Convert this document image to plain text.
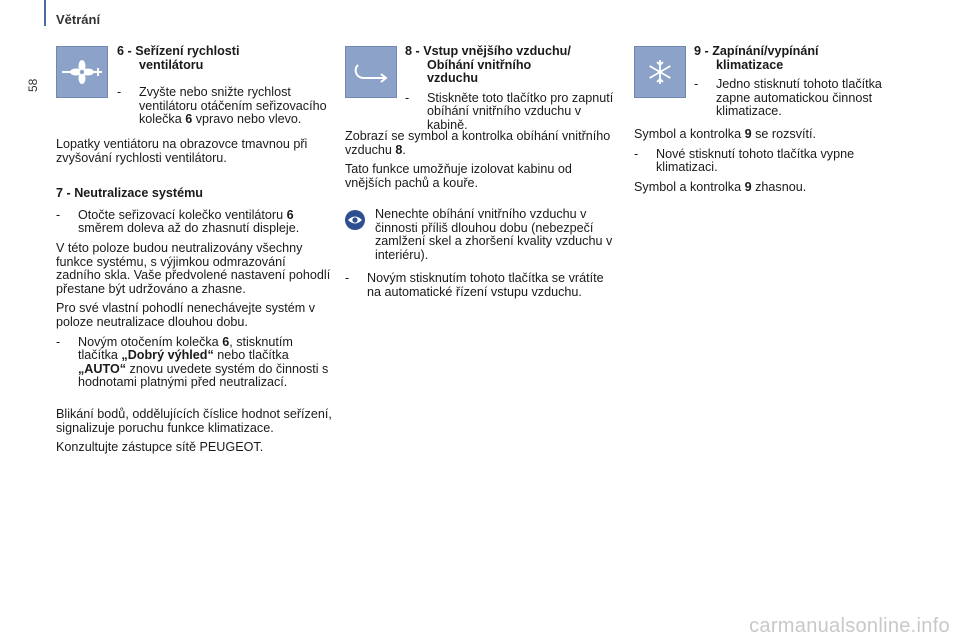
58
Větrání
6 - Seřízení rychlosti
ventilátoru
-	Zvyšte nebo snižte rychlost ventilátoru otáčením seřizovacího kolečka 6 vpravo nebo vlevo.

Lopatky ventiátoru na obrazovce tmavnou při zvyšování rychlosti ventilátoru.

7 - Neutralizace systému

-	Otočte seřizovací kolečko ventilátoru 6 směrem doleva až do zhasnutí displeje.

V této poloze budou neutralizovány všechny funkce systému, s výjimkou odmrazování zadního skla. Vaše předvolené nastavení pohodlí přestane být udržováno a zhasne.

Pro své vlastní pohodlí nenechávejte systém v poloze neutralizace dlouhou dobu.

-	Novým otočením kolečka 6, stisknutím tlačítka „Dobrý výhled“ nebo tlačítka „AUTO“ znovu uvedete systém do činnosti s hodnotami platnými před neutralizací.

Blikání bodů, oddělujících číslice hodnot seřízení, signalizuje poruchu funkce klimatizace.

Konzultujte zástupce sítě PEUGEOT.

8 - Vstup vnějšího vzduchu/
Obíhání vnitřního
vzduchu
-	Stiskněte toto tlačítko pro zapnutí obíhání vnitřního vzduchu v kabině.

Zobrazí se symbol a kontrolka obíhání vnitřního vzduchu 8.

Tato funkce umožňuje izolovat kabinu od vnějších pachů a kouře.

Nenechte obíhání vnitřního vzduchu v činnosti příliš dlouhou dobu (nebezpečí zamlžení skel a zhoršení kvality vzduchu v interiéru).

-	Novým stisknutím tohoto tlačítka se vrátíte na automatické řízení vstupu vzduchu.
9 - Zapínání/vypínání
klimatizace
-	Jedno stisknutí tohoto tlačítka zapne automatickou činnost klimatizace.

Symbol a kontrolka 9 se rozsvítí.

-	Nové stisknutí tohoto tlačítka vypne klimatizaci.

Symbol a kontrolka 9 zhasnou.

carmanualsonline.info
